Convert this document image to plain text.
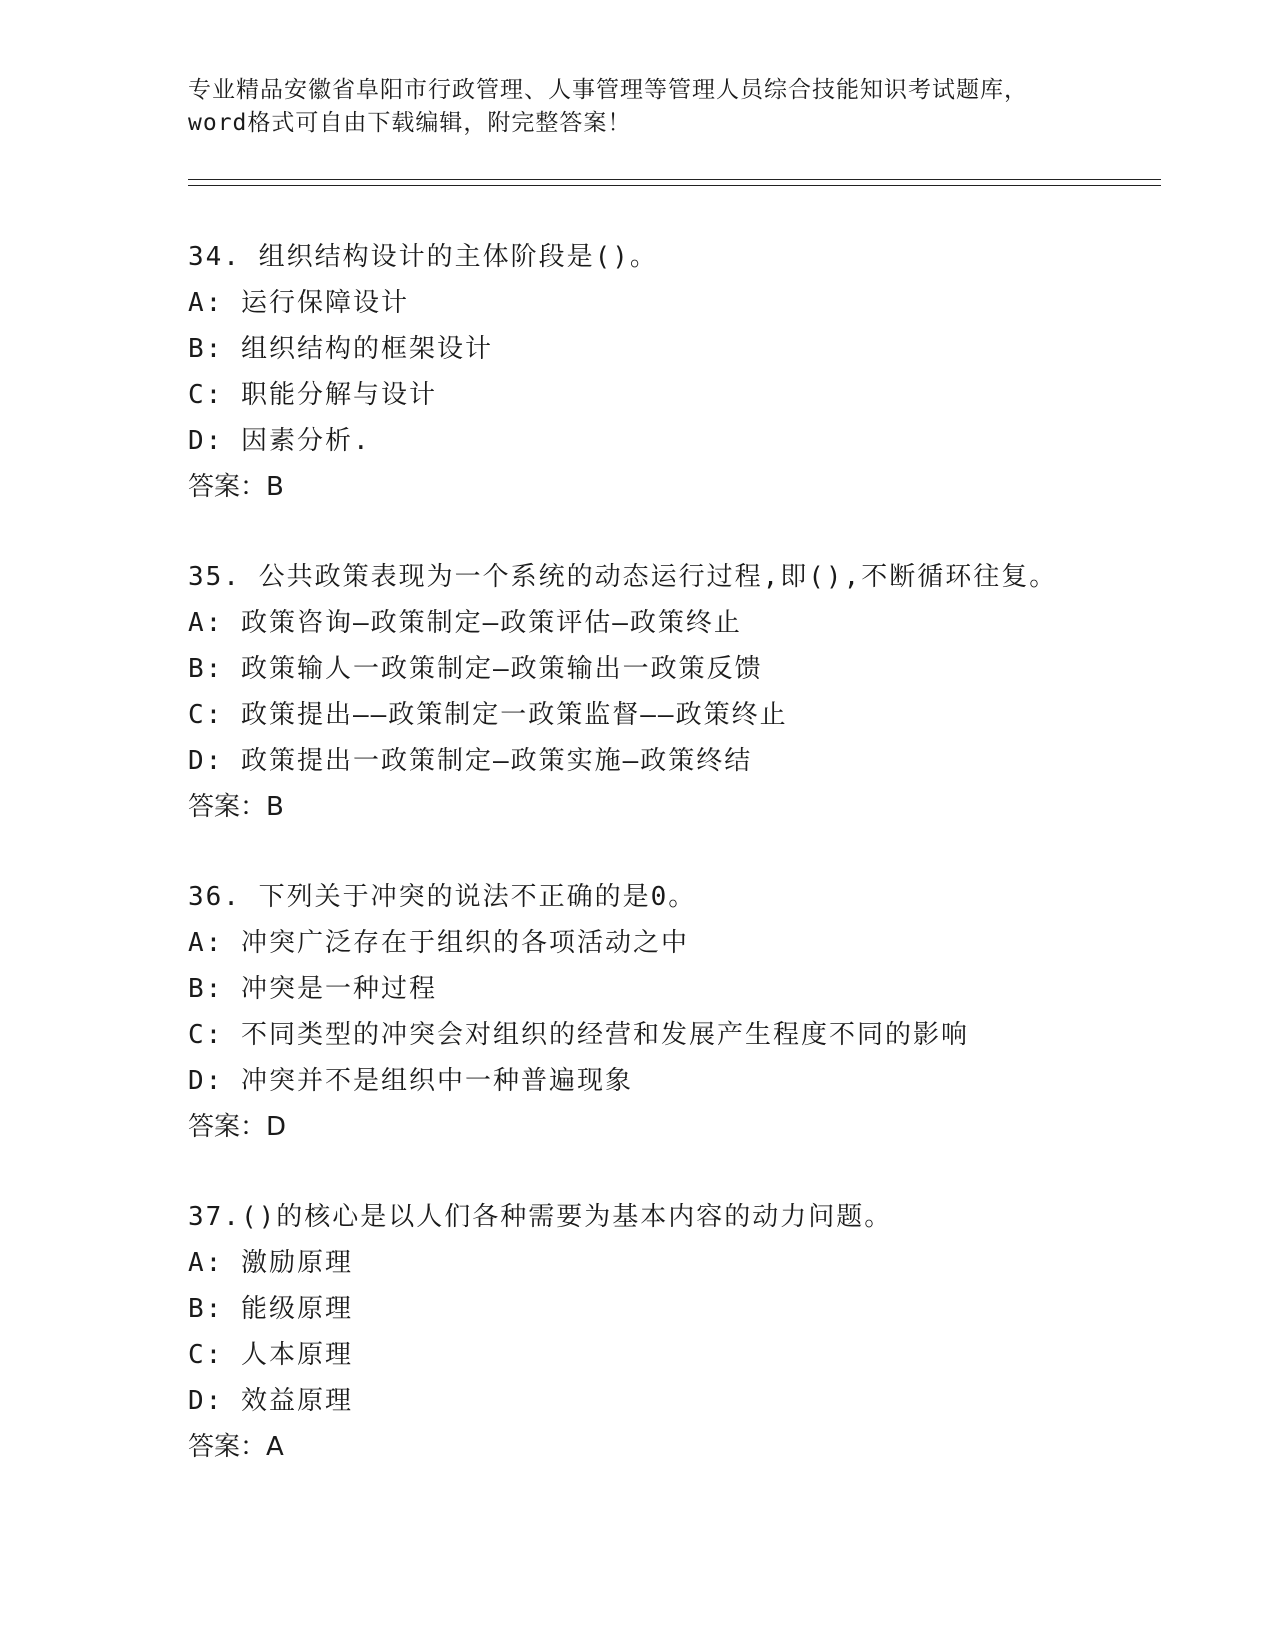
专业精品安徽省阜阳市行政管理、人事管理等管理人员综合技能知识考试题库，
word格式可自由下载编辑，附完整答案！
34. 组织结构设计的主体阶段是()。
A: 运行保障设计
B: 组织结构的框架设计
C: 职能分解与设计
D: 因素分析.
答案：B
35. 公共政策表现为一个系统的动态运行过程,即(),不断循环往复。
A: 政策咨询—政策制定—政策评估—政策终止
B: 政策输人一政策制定—政策输出一政策反馈
C: 政策提出——政策制定一政策监督——政策终止
D: 政策提出一政策制定—政策实施—政策终结
答案：B
36. 下列关于冲突的说法不正确的是0。
A: 冲突广泛存在于组织的各项活动之中
B: 冲突是一种过程
C: 不同类型的冲突会对组织的经营和发展产生程度不同的影响
D: 冲突并不是组织中一种普遍现象
答案：D
37.()的核心是以人们各种需要为基本内容的动力问题。
A: 激励原理
B: 能级原理
C: 人本原理
D: 效益原理
答案：A
